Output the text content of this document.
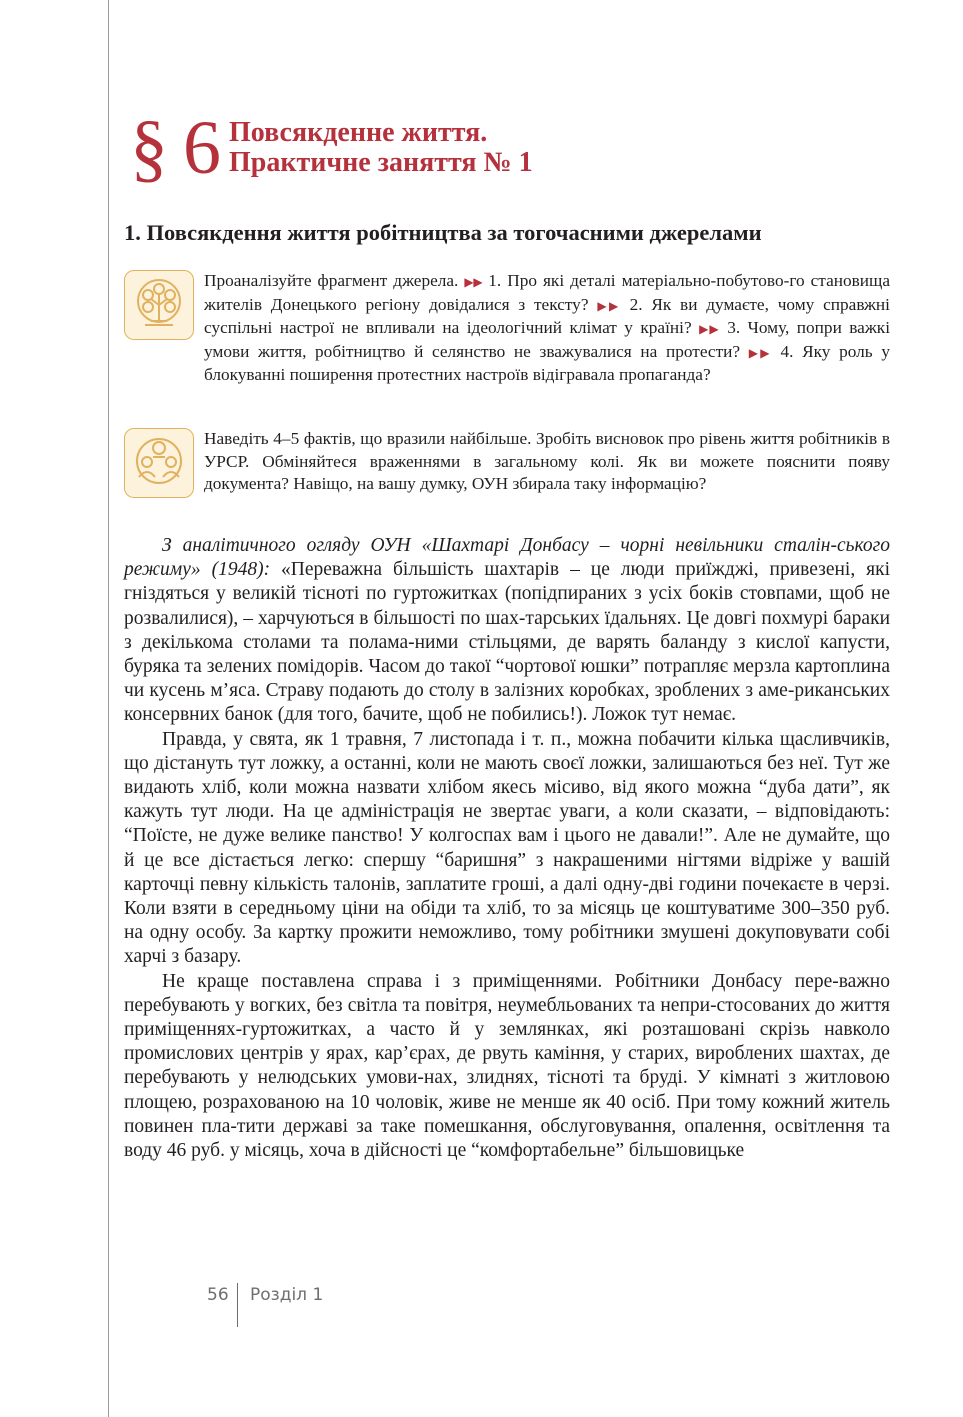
§ 6 Повсякденне життя.
Практичне заняття № 1
1. Повсякдення життя робітництва за тогочасними джерелами

Проаналізуйте фрагмент джерела. ▶▶ 1. Про які деталі матеріально-побутово-го становища жителів Донецького регіону довідалися з тексту? ▶▶ 2. Як ви думаєте, чому справжні суспільні настрої не впливали на ідеологічний клімат у країні? ▶▶ 3. Чому, попри важкі умови життя, робітництво й селянство не зважувалися на протести? ▶▶ 4. Яку роль у блокуванні поширення протестних настроїв відігравала пропаганда?

Наведіть 4–5 фактів, що вразили найбільше. Зробіть висновок про рівень життя робітників в УРСР. Обміняйтеся враженнями в загальному колі. Як ви можете пояснити появу документа? Навіщо, на вашу думку, ОУН збирала таку інформацію?

З аналітичного огляду ОУН «Шахтарі Донбасу – чорні невільники сталін-ського режиму» (1948): «Переважна більшість шахтарів – це люди приїжджі, привезені, які гніздяться у великій тісноті по гуртожитках (попідпираних з усіх боків стовпами, щоб не розвалилися), – харчуються в більшості по шах-тарських їдальнях. Це довгі похмурі бараки з декількома столами та полама-ними стільцями, де варять баланду з кислої капусти, буряка та зелених помідорів. Часом до такої “чортової юшки” потрапляє мерзла картоплина чи кусень м’яса. Страву подають до столу в залізних коробках, зроблених з аме-риканських консервних банок (для того, бачите, щоб не побились!). Ложок тут немає.

Правда, у свята, як 1 травня, 7 листопада і т. п., можна побачити кілька щасливчиків, що дістануть тут ложку, а останні, коли не мають своєї ложки, залишаються без неї. Тут же видають хліб, коли можна назвати хлібом якесь місиво, від якого можна “дуба дати”, як кажуть тут люди. На це адміністрація не звертає уваги, а коли сказати, – відповідають: “Поїсте, не дуже велике панство! У колгоспах вам і цього не давали!”. Але не думайте, що й це все дістається легко: спершу “баришня” з накрашеними нігтями відріже у вашій карточці певну кількість талонів, заплатите гроші, а далі одну-дві години почекаєте в черзі. Коли взяти в середньому ціни на обіди та хліб, то за місяць це коштуватиме 300–350 руб. на одну особу. За картку прожити неможливо, тому робітники змушені докуповувати собі харчі з базару.

Не краще поставлена справа і з приміщеннями. Робітники Донбасу пере-важно перебувають у вогких, без світла та повітря, неумебльованих та непри-стосованих до життя приміщеннях-гуртожитках, а часто й у землянках, які розташовані скрізь навколо промислових центрів у ярах, кар’єрах, де рвуть каміння, у старих, вироблених шахтах, де перебувають у нелюдських умови-нах, злиднях, тісноті та бруді. У кімнаті з житловою площею, розрахованою на 10 чоловік, живе не менше як 40 осіб. При тому кожний житель повинен пла-тити державі за таке помешкання, обслуговування, опалення, освітлення та воду 46 руб. у місяць, хоча в дійсності це “комфортабельне” більшовицьке

56 Розділ 1
